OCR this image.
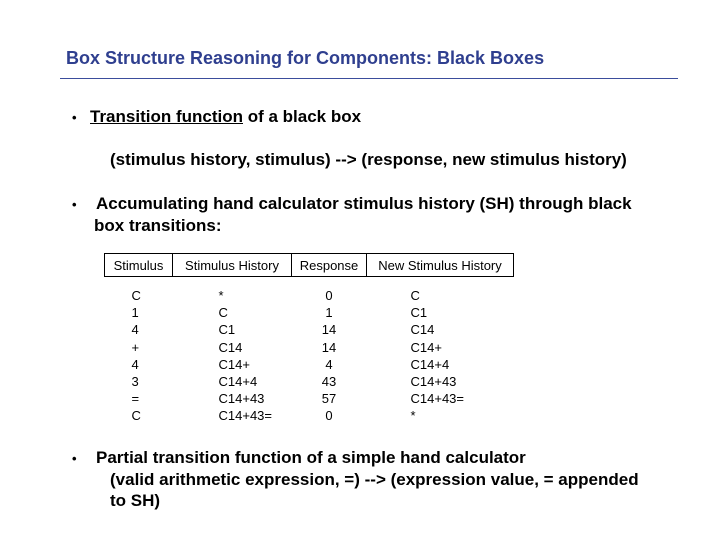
Box Structure Reasoning for Components: Black Boxes
• Transition function of a black box
(stimulus history, stimulus) --> (response, new stimulus history)
• Accumulating hand calculator stimulus history (SH) through black
box transitions:
Stimulus	Stimulus History	Response	New Stimulus History
C	*	0	C
1	C	1	C1
4	C1	14	C14
+	C14	14	C14+
4	C14+	4	C14+4
3	C14+4	43	C14+43
=	C14+43	57	C14+43=
C	C14+43=	0	*
• Partial transition function of a simple hand calculator
(valid arithmetic expression, =) --> (expression value, = appended
to SH)
